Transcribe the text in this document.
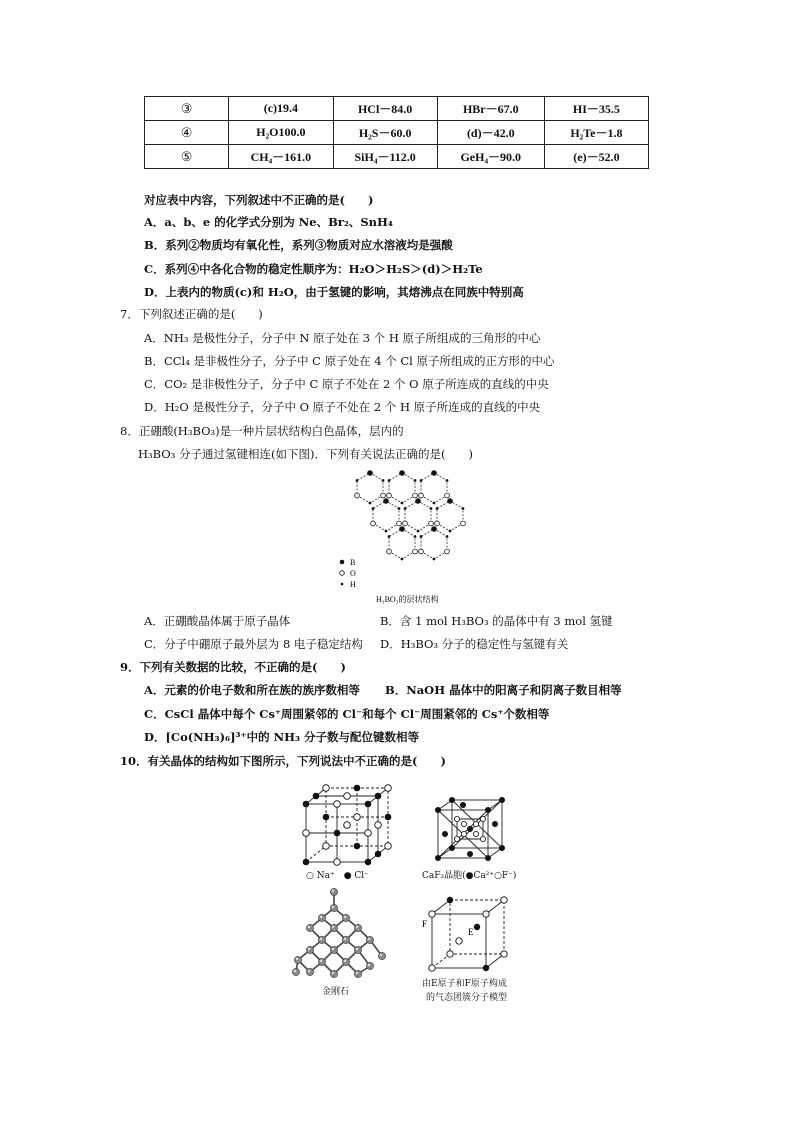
③	(c)19.4	HCl－84.0	HBr－67.0	HI－35.5
④	H₂O100.0	H₂S－60.0	(d)－42.0	H₂Te－1.8
⑤	CH₄－161.0	SiH₄－112.0	GeH₄－90.0	(e)－52.0
对应表中内容，下列叙述中不正确的是(　　)
A．a、b、e 的化学式分别为 Ne、Br₂、SnH₄
B．系列②物质均有氧化性，系列③物质对应水溶液均是强酸
C．系列④中各化合物的稳定性顺序为：H₂O＞H₂S＞(d)＞H₂Te
D．上表内的物质(c)和 H₂O，由于氢键的影响，其熔沸点在同族中特别高
7．下列叙述正确的是(　　)
A．NH₃ 是极性分子，分子中 N 原子处在 3 个 H 原子所组成的三角形的中心
B．CCl₄ 是非极性分子，分子中 C 原子处在 4 个 Cl 原子所组成的正方形的中心
C．CO₂ 是非极性分子，分子中 C 原子不处在 2 个 O 原子所连成的直线的中央
D．H₂O 是极性分子，分子中 O 原子不处在 2 个 H 原子所连成的直线的中央
8．正硼酸(H₃BO₃)是一种片层状结构白色晶体，层内的
H₃BO₃ 分子通过氢键相连(如下图)．下列有关说法正确的是(　　)
B
O
H
H₃BO₃的层状结构
A．正硼酸晶体属于原子晶体	B．含 1 mol H₃BO₃ 的晶体中有 3 mol 氢键
C．分子中硼原子最外层为 8 电子稳定结构 D．H₃BO₃ 分子的稳定性与氢键有关
9．下列有关数据的比较，不正确的是(　　)
A．元素的价电子数和所在族的族序数相等 B．NaOH 晶体中的阳离子和阴离子数目相等
C．CsCl 晶体中每个 Cs⁺周围紧邻的 Cl⁻和每个 Cl⁻周围紧邻的 Cs⁺个数相等
D．[Co(NH₃)₆]³⁺中的 NH₃ 分子数与配位键数相等
10．有关晶体的结构如下图所示，下列说法中不正确的是(　　)
○ Na⁺　● Cl⁻	CaF₂晶胞(●Ca²⁺○F⁻)
金刚石
F
E
由E原子和F原子构成
的气态团簇分子模型
